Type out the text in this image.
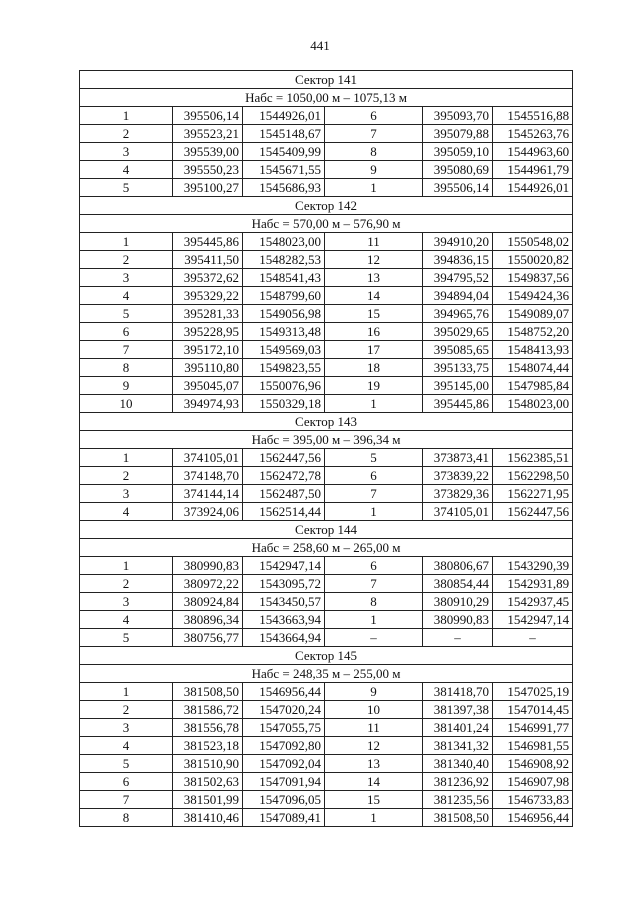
441
Сектор 141					
Нaбс = 1050,00 м – 1075,13 м					
1	395506,14	1544926,01	6	395093,70	1545516,88
2	395523,21	1545148,67	7	395079,88	1545263,76
3	395539,00	1545409,99	8	395059,10	1544963,60
4	395550,23	1545671,55	9	395080,69	1544961,79
5	395100,27	1545686,93	1	395506,14	1544926,01
Сектор 142					
Нaбс = 570,00 м – 576,90 м					
1	395445,86	1548023,00	11	394910,20	1550548,02
2	395411,50	1548282,53	12	394836,15	1550020,82
3	395372,62	1548541,43	13	394795,52	1549837,56
4	395329,22	1548799,60	14	394894,04	1549424,36
5	395281,33	1549056,98	15	394965,76	1549089,07
6	395228,95	1549313,48	16	395029,65	1548752,20
7	395172,10	1549569,03	17	395085,65	1548413,93
8	395110,80	1549823,55	18	395133,75	1548074,44
9	395045,07	1550076,96	19	395145,00	1547985,84
10	394974,93	1550329,18	1	395445,86	1548023,00
Сектор 143					
Нaбс = 395,00 м – 396,34 м					
1	374105,01	1562447,56	5	373873,41	1562385,51
2	374148,70	1562472,78	6	373839,22	1562298,50
3	374144,14	1562487,50	7	373829,36	1562271,95
4	373924,06	1562514,44	1	374105,01	1562447,56
Сектор 144					
Нaбс = 258,60 м – 265,00 м					
1	380990,83	1542947,14	6	380806,67	1543290,39
2	380972,22	1543095,72	7	380854,44	1542931,89
3	380924,84	1543450,57	8	380910,29	1542937,45
4	380896,34	1543663,94	1	380990,83	1542947,14
5	380756,77	1543664,94	–	–	–
Сектор 145					
Нaбс = 248,35 м – 255,00 м					
1	381508,50	1546956,44	9	381418,70	1547025,19
2	381586,72	1547020,24	10	381397,38	1547014,45
3	381556,78	1547055,75	11	381401,24	1546991,77
4	381523,18	1547092,80	12	381341,32	1546981,55
5	381510,90	1547092,04	13	381340,40	1546908,92
6	381502,63	1547091,94	14	381236,92	1546907,98
7	381501,99	1547096,05	15	381235,56	1546733,83
8	381410,46	1547089,41	1	381508,50	1546956,44
